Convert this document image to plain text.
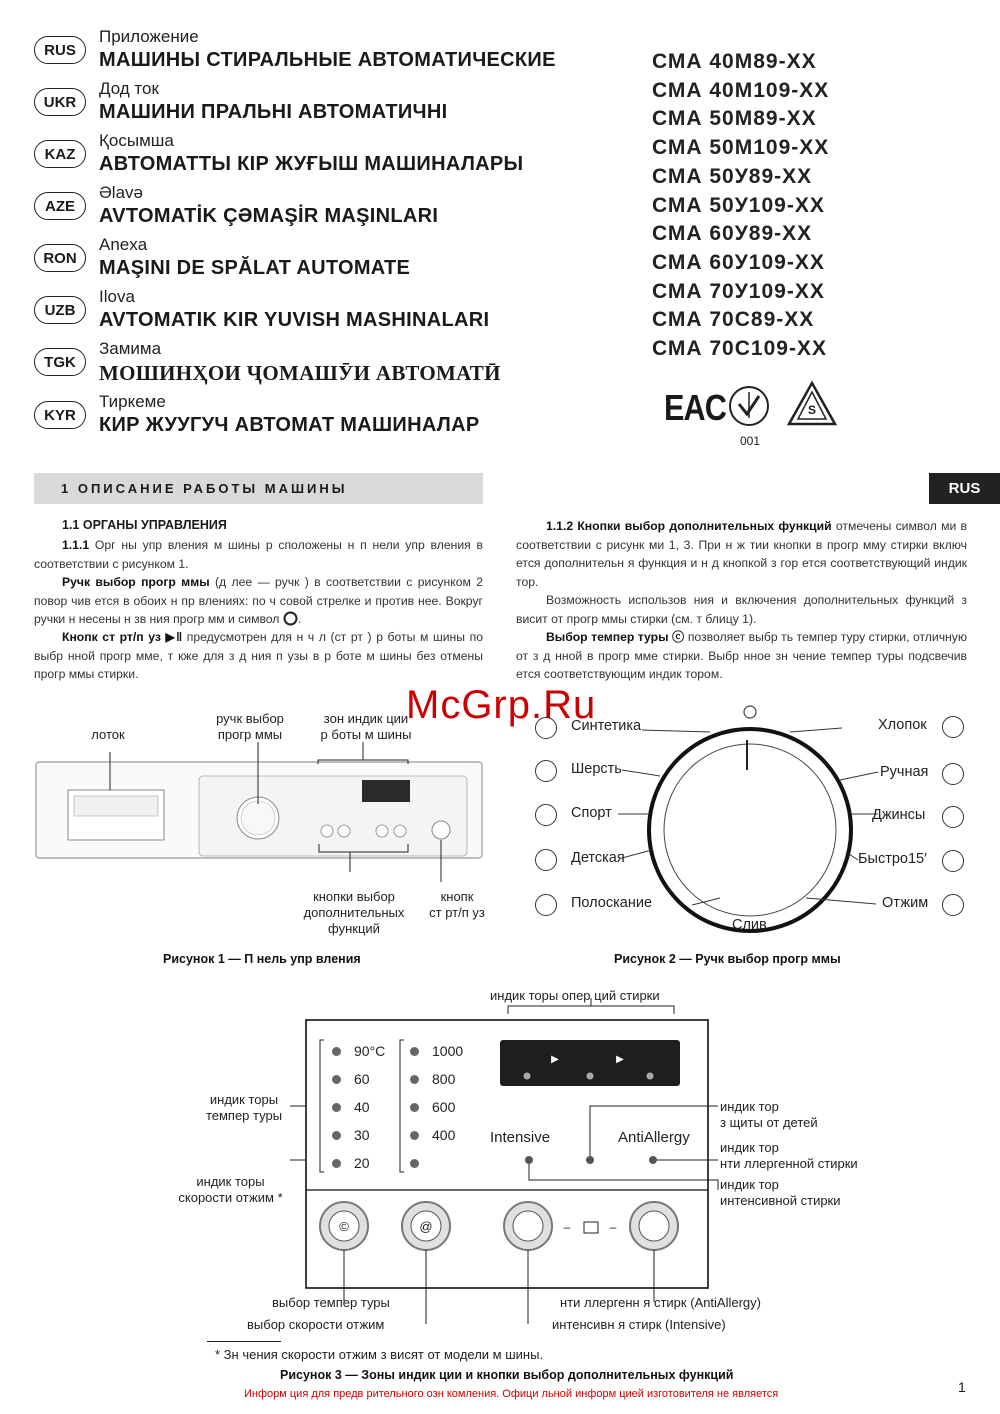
RUS
Приложение
МАШИНЫ СТИРАЛЬНЫЕ АВТОМАТИЧЕСКИЕ
UKR
Дод ток
МАШИНИ ПРАЛЬНІ АВТОМАТИЧНІ
KAZ
Қосымша
АВТОМАТТЫ КІР ЖУҒЫШ МАШИНАЛАРЫ
AZE
Əlavə
AVTOMATİK ÇƏMAŞİR MAŞINLARI
RON
Anexa
MAŞINI DE SPĂLAT AUTOMATE
UZB
Ilova
AVTOMATIK KIR YUVISH MASHINALARI
TGK
Замима
МОШИНҲОИ ҶОМАШӮИ АВТОМАТӢ
KYR
Тиркеме
КИР ЖУУГУЧ АВТОМАТ МАШИНАЛАР
СМА 40М89-ХХ
СМА 40М109-ХХ
СМА 50М89-ХХ
СМА 50М109-ХХ
СМА 50У89-ХХ
СМА 50У109-ХХ
СМА 60У89-ХХ
СМА 60У109-ХХ
СМА 70У109-ХХ
СМА 70С89-ХХ
СМА 70С109-ХХ
EAC	Ѕ
001
1 ОПИСАНИЕ РАБОТЫ МАШИНЫ	RUS
1.1 ОРГАНЫ УПРАВЛЕНИЯ
1.1.1 Орг ны упр вления м шины р сположены н п нели упр вления в соответствии с рисунком 1.
Ручк выбор прогр ммы (д лее — ручк ) в соответствии с рисунком 2 повор чив ется в обоих н пр влениях: по ч совой стрелке и против нее. Вокруг ручки н несены н зв ния прогр мм и символ .
Кнопк ст рт/п уз ▶‖ предусмотрен для н ч л (ст рт ) р боты м шины по выбр нной прогр мме, т кже для з д ния п узы в р боте м шины без отмены прогр ммы стирки.
1.1.2 Кнопки выбор дополнительных функций отмечены символ ми в соответствии с рисунк ми 1, 3. При н ж тии кнопки в прогр мму стирки включ ется дополнительн я функция и н д кнопкой з гор ется соответствующий индик тор.
Возможность использов ния и включения дополнительных функций з висит от прогр ммы стирки (см. т блицу 1).
Выбор темпер туры ⓒ позволяет выбр ть темпер туру стирки, отличную от з д нной в прогр мме стирки. Выбр нное зн чение темпер туры подсвечив ется соответствующим индик тором.
McGrp.Ru
лоток
ручк выбор
прогр ммы
зон индик ции
р боты м шины
кнопки выбор
дополнительных
функций
кнопк
ст рт/п уз
Рисунок 1 — П нель упр вления
Синтетика
Шерсть
Спорт
Детская
Полоскание
Хлопок
Ручная
Джинсы
Быстро15′
Отжим
Слив
Рисунок 2 — Ручк выбор прогр ммы
индик торы опер ций стирки
▶	▶
©	@	–	–
90°C
60
40
30
20
1000
800
600
400 Intensive	AntiAllergy
индик торы
темпер туры
индик торы
скорости отжим *
индик тор
з щиты от детей
индик тор
нти ллергенной стирки
индик тор
интенсивной стирки
выбор темпер туры
выбор скорости отжим
нти ллергенн я стирк (AntiAllergy)
интенсивн я стирк (Intensive)
* Зн чения скорости отжим з висят от модели м шины.
Рисунок 3 — Зоны индик ции и кнопки выбор дополнительных функций
Информ ция для предв рительного озн комления. Офици льной информ цией изготовителя не является	1
